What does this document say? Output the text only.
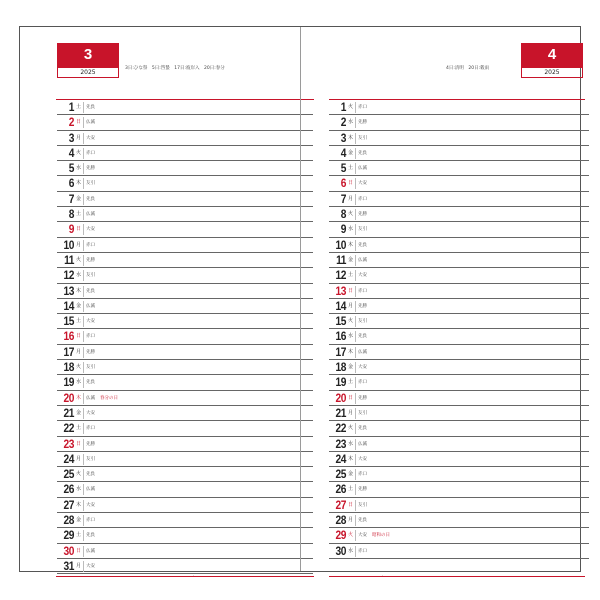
3
2025
3日:ひな祭　5日:啓蟄　17日:彼岸入　20日:春分
1 土 先負
2 日 仏滅
3 月 大安
4 火 赤口
5 水 先勝
6 木 友引
7 金 先負
8 土 仏滅
9 日 大安
10 月 赤口
11 火 先勝
12 水 友引
13 木 先負
14 金 仏滅
15 土 大安
16 日 赤口
17 月 先勝
18 火 友引
19 水 先負
20 木 仏滅 春分の日
21 金 大安
22 土 赤口
23 日 先勝
24 月 友引
25 火 先負
26 水 仏滅
27 木 大安
28 金 赤口
29 土 先負
30 日 仏滅
31 月 大安
.
4
2025
4日:清明　20日:穀雨
1 火 赤口
2 水 先勝
3 木 友引
4 金 先負
5 土 仏滅
6 日 大安
7 月 赤口
8 火 先勝
9 水 友引
10 木 先負
11 金 仏滅
12 土 大安
13 日 赤口
14 月 先勝
15 火 友引
16 水 先負
17 木 仏滅
18 金 大安
19 土 赤口
20 日 先勝
21 月 友引
22 火 先負
23 水 仏滅
24 木 大安
25 金 赤口
26 土 先勝
27 日 友引
28 月 先負
29 火 大安 昭和の日
30 水 赤口
.
